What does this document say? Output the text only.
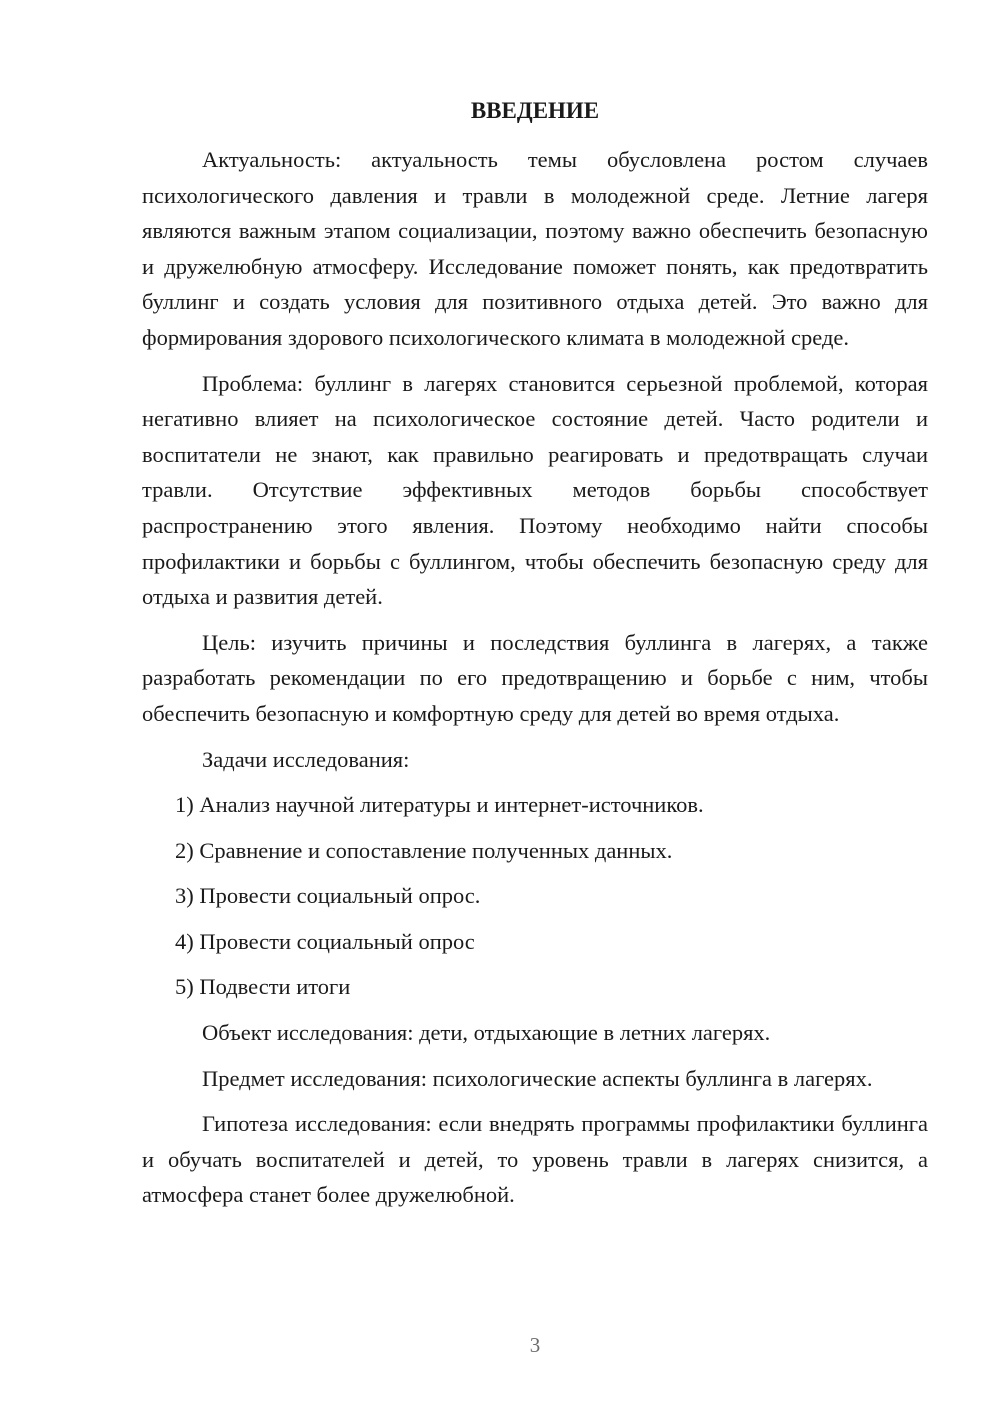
ВВЕДЕНИЕ

Актуальность: актуальность темы обусловлена ростом случаев психологического давления и травли в молодежной среде. Летние лагеря являются важным этапом социализации, поэтому важно обеспечить безопасную и дружелюбную атмосферу. Исследование поможет понять, как предотвратить буллинг и создать условия для позитивного отдыха детей. Это важно для формирования здорового психологического климата в молодежной среде.

Проблема: буллинг в лагерях становится серьезной проблемой, которая негативно влияет на психологическое состояние детей. Часто родители и воспитатели не знают, как правильно реагировать и предотвращать случаи травли. Отсутствие эффективных методов борьбы способствует распространению этого явления. Поэтому необходимо найти способы профилактики и борьбы с буллингом, чтобы обеспечить безопасную среду для отдыха и развития детей.

Цель: изучить причины и последствия буллинга в лагерях, а также разработать рекомендации по его предотвращению и борьбе с ним, чтобы обеспечить безопасную и комфортную среду для детей во время отдыха.

Задачи исследования:

1) Анализ научной литературы и интернет-источников.
2) Сравнение и сопоставление полученных данных.
3) Провести социальный опрос.
4) Провести социальный опрос
5) Подвести итоги

Объект исследования: дети, отдыхающие в летних лагерях.

Предмет исследования: психологические аспекты буллинга в лагерях.

Гипотеза исследования: если внедрять программы профилактики буллинга и обучать воспитателей и детей, то уровень травли в лагерях снизится, а атмосфера станет более дружелюбной.

3
